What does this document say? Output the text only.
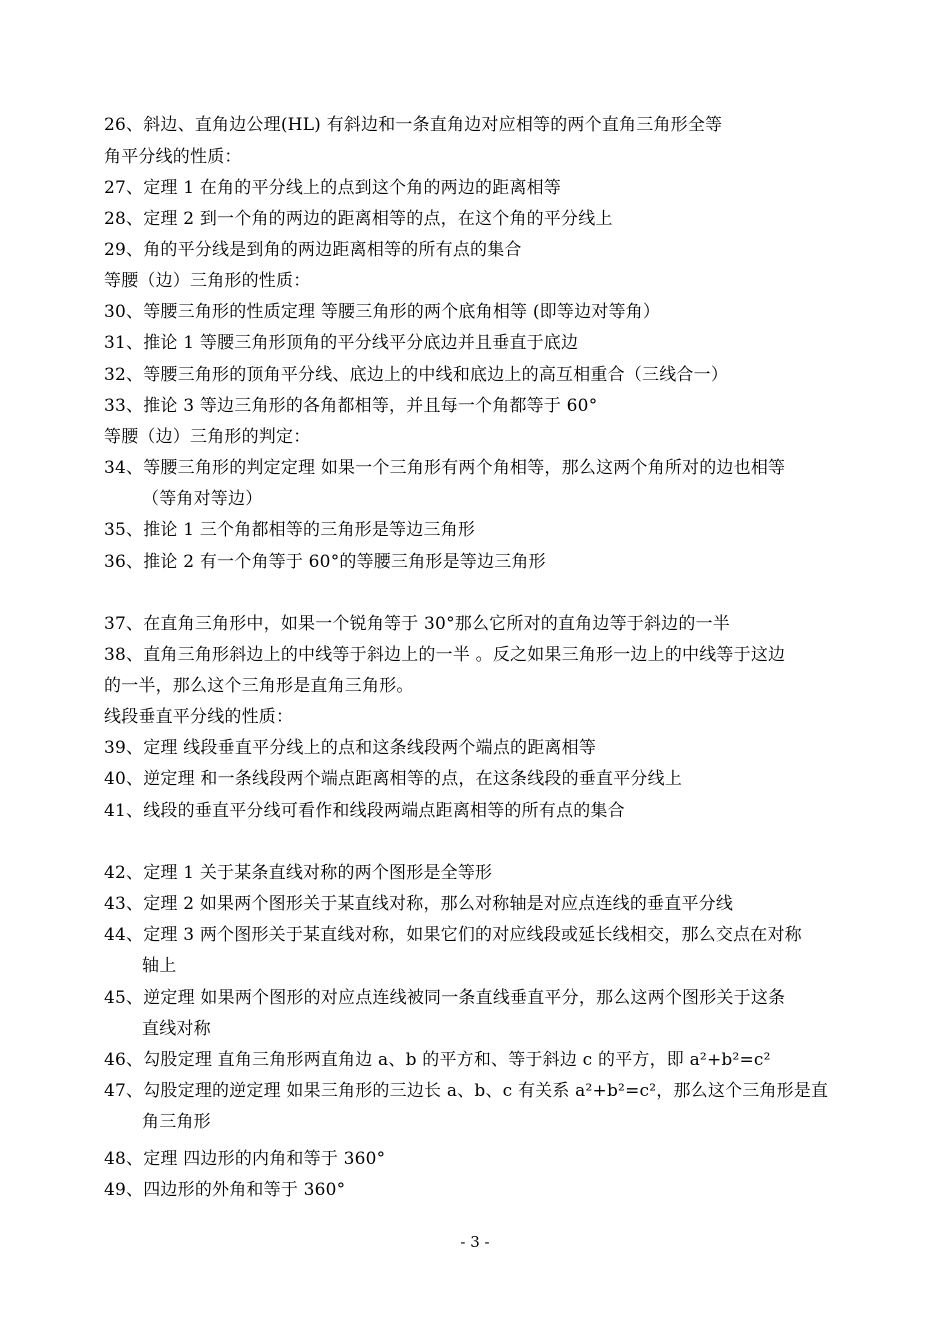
26、斜边、直角边公理(HL) 有斜边和一条直角边对应相等的两个直角三角形全等
角平分线的性质：
27、定理 1 在角的平分线上的点到这个角的两边的距离相等
28、定理 2 到一个角的两边的距离相等的点，在这个角的平分线上
29、角的平分线是到角的两边距离相等的所有点的集合
等腰（边）三角形的性质：
30、等腰三角形的性质定理 等腰三角形的两个底角相等 (即等边对等角）
31、推论 1 等腰三角形顶角的平分线平分底边并且垂直于底边
32、等腰三角形的顶角平分线、底边上的中线和底边上的高互相重合（三线合一）
33、推论 3 等边三角形的各角都相等，并且每一个角都等于 60°
等腰（边）三角形的判定：
34、等腰三角形的判定定理 如果一个三角形有两个角相等，那么这两个角所对的边也相等
（等角对等边）
35、推论 1 三个角都相等的三角形是等边三角形
36、推论 2 有一个角等于 60°的等腰三角形是等边三角形
37、在直角三角形中，如果一个锐角等于 30°那么它所对的直角边等于斜边的一半
38、直角三角形斜边上的中线等于斜边上的一半 。反之如果三角形一边上的中线等于这边
的一半，那么这个三角形是直角三角形。
线段垂直平分线的性质：
39、定理 线段垂直平分线上的点和这条线段两个端点的距离相等
40、逆定理 和一条线段两个端点距离相等的点，在这条线段的垂直平分线上
41、线段的垂直平分线可看作和线段两端点距离相等的所有点的集合
42、定理 1 关于某条直线对称的两个图形是全等形
43、定理 2 如果两个图形关于某直线对称，那么对称轴是对应点连线的垂直平分线
44、定理 3 两个图形关于某直线对称，如果它们的对应线段或延长线相交，那么交点在对称
轴上
45、逆定理 如果两个图形的对应点连线被同一条直线垂直平分，那么这两个图形关于这条
直线对称
46、勾股定理 直角三角形两直角边 a、b 的平方和、等于斜边 c 的平方，即 a²+b²=c²
47、勾股定理的逆定理 如果三角形的三边长 a、b、c 有关系 a²+b²=c²，那么这个三角形是直
角三角形
48、定理 四边形的内角和等于 360°
49、四边形的外角和等于 360°
- 3 -
